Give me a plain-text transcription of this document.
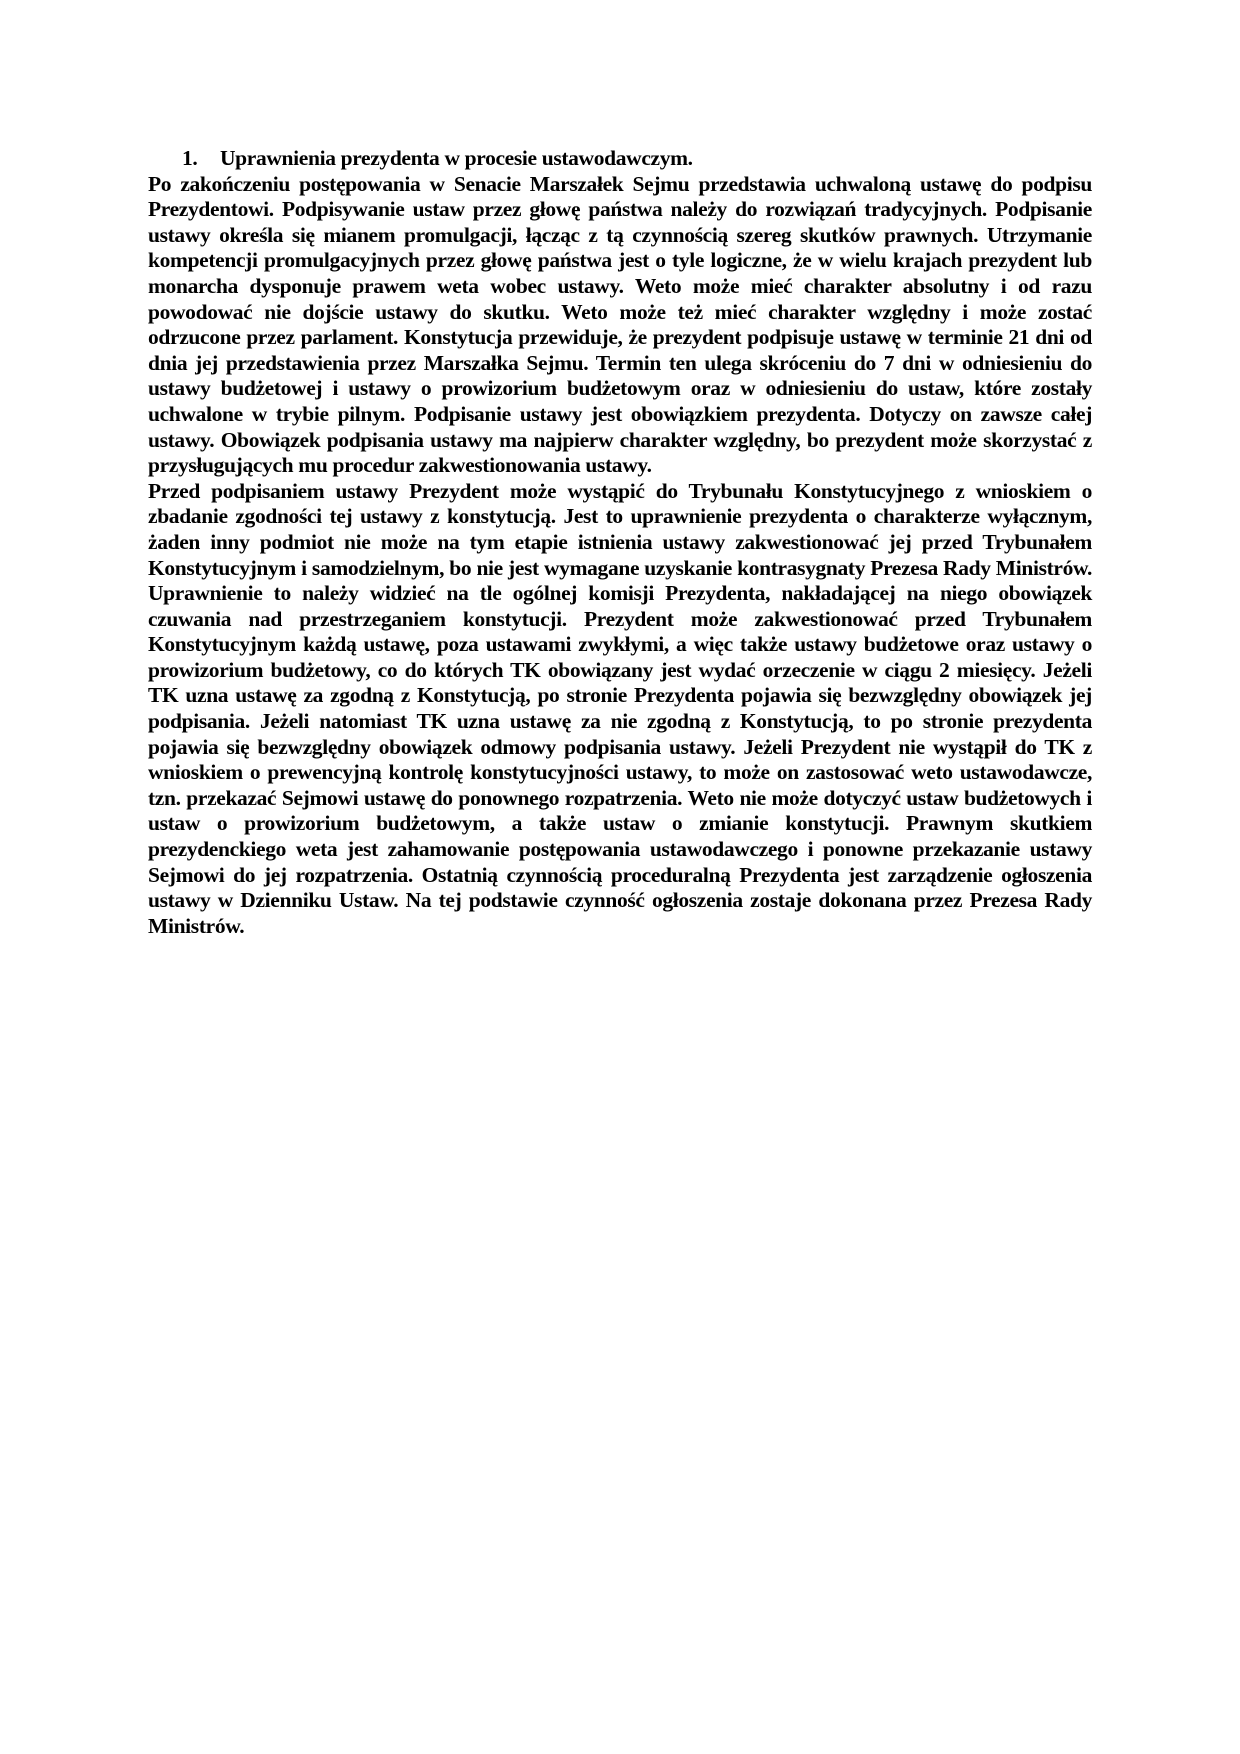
1.	Uprawnienia prezydenta w procesie ustawodawczym.

Po zakończeniu postępowania w Senacie Marszałek Sejmu przedstawia uchwaloną ustawę do podpisu Prezydentowi. Podpisywanie ustaw przez głowę państwa należy do rozwiązań tradycyjnych. Podpisanie ustawy określa się mianem promulgacji, łącząc z tą czynnością szereg skutków prawnych. Utrzymanie kompetencji promulgacyjnych przez głowę państwa jest o tyle logiczne, że w wielu krajach prezydent lub monarcha dysponuje prawem weta wobec ustawy. Weto może mieć charakter absolutny i od razu powodować nie dojście ustawy do skutku. Weto może też mieć charakter względny i może zostać odrzucone przez parlament. Konstytucja przewiduje, że prezydent podpisuje ustawę w terminie 21 dni od dnia jej przedstawienia przez Marszałka Sejmu. Termin ten ulega skróceniu do 7 dni w odniesieniu do ustawy budżetowej i ustawy o prowizorium budżetowym oraz w odniesieniu do ustaw, które zostały uchwalone w trybie pilnym. Podpisanie ustawy jest obowiązkiem prezydenta. Dotyczy on zawsze całej ustawy. Obowiązek podpisania ustawy ma najpierw charakter względny, bo prezydent może skorzystać z przysługujących mu procedur zakwestionowania ustawy.

Przed podpisaniem ustawy Prezydent może wystąpić do Trybunału Konstytucyjnego z wnioskiem o zbadanie zgodności tej ustawy z konstytucją. Jest to uprawnienie prezydenta o charakterze wyłącznym, żaden inny podmiot nie może na tym etapie istnienia ustawy zakwestionować jej przed Trybunałem Konstytucyjnym i samodzielnym, bo nie jest wymagane uzyskanie kontrasygnaty Prezesa Rady Ministrów. Uprawnienie to należy widzieć na tle ogólnej komisji Prezydenta, nakładającej na niego obowiązek czuwania nad przestrzeganiem konstytucji. Prezydent może zakwestionować przed Trybunałem Konstytucyjnym każdą ustawę, poza ustawami zwykłymi, a więc także ustawy budżetowe oraz ustawy o prowizorium budżetowy, co do których TK obowiązany jest wydać orzeczenie w ciągu 2 miesięcy. Jeżeli TK uzna ustawę za zgodną z Konstytucją, po stronie Prezydenta pojawia się bezwzględny obowiązek jej podpisania. Jeżeli natomiast TK uzna ustawę za nie zgodną z Konstytucją, to po stronie prezydenta pojawia się bezwzględny obowiązek odmowy podpisania ustawy. Jeżeli Prezydent nie wystąpił do TK z wnioskiem o prewencyjną kontrolę konstytucyjności ustawy, to może on zastosować weto ustawodawcze, tzn. przekazać Sejmowi ustawę do ponownego rozpatrzenia. Weto nie może dotyczyć ustaw budżetowych i ustaw o prowizorium budżetowym, a także ustaw o zmianie konstytucji. Prawnym skutkiem prezydenckiego weta jest zahamowanie postępowania ustawodawczego i ponowne przekazanie ustawy Sejmowi do jej rozpatrzenia. Ostatnią czynnością proceduralną Prezydenta jest zarządzenie ogłoszenia ustawy w Dzienniku Ustaw. Na tej podstawie czynność ogłoszenia zostaje dokonana przez Prezesa Rady Ministrów.
